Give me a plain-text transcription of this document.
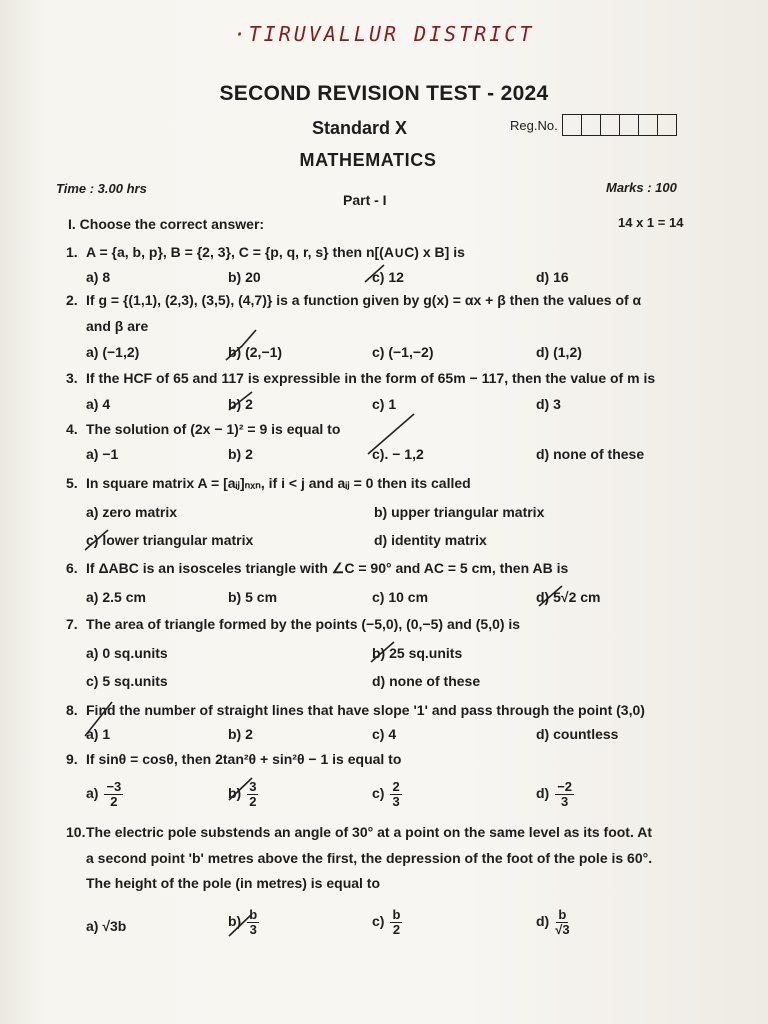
·TIRUVALLUR DISTRICT
SECOND REVISION TEST - 2024
Standard X	Reg.No.
MATHEMATICS
Time : 3.00 hrs
Part - I
Marks : 100
I. Choose the correct answer:	14 x 1 = 14
1. A = {a, b, p}, B = {2, 3}, C = {p, q, r, s} then n[(A∪C) x B] is
a) 8	b) 20	c) 12	d) 16
2. If g = {(1,1), (2,3), (3,5), (4,7)} is a function given by g(x) = αx + β then the values of α
and β are
a) (−1,2)	b) (2,−1)	c) (−1,−2)	d) (1,2)
3. If the HCF of 65 and 117 is expressible in the form of 65m − 117, then the value of m is
a) 4	b) 2	c) 1	d) 3
4. The solution of (2x − 1)² = 9 is equal to
a) −1	b) 2	c). − 1,2	d) none of these
5. In square matrix A = [aᵢⱼ]ₙₓₙ, if i < j and aᵢⱼ = 0 then its called
a) zero matrix	b) upper triangular matrix
c) lower triangular matrix	d) identity matrix
6. If ΔABC is an isosceles triangle with ∠C = 90° and AC = 5 cm, then AB is
a) 2.5 cm	b) 5 cm	c) 10 cm	d) 5√2 cm
7. The area of triangle formed by the points (−5,0), (0,−5) and (5,0) is
a) 0 sq.units	b) 25 sq.units
c) 5 sq.units	d) none of these
8. Find the number of straight lines that have slope '1' and pass through the point (3,0)
a) 1	b) 2	c) 4	d) countless
9. If sinθ = cosθ, then 2tan²θ + sin²θ − 1 is equal to
$a) \frac{-3}{2}$	$b) \frac{3}{2}$	$c) \frac{2}{3}$	$d) \frac{-2}{3}$
10.The electric pole substends an angle of 30° at a point on the same level as its foot. At
a second point 'b' metres above the first, the depression of the foot of the pole is 60°.
The height of the pole (in metres) is equal to
a) √3b	$b) \frac{b}{3}$	$c) \frac{b}{2}$	$d) \frac{b}{√3}$
